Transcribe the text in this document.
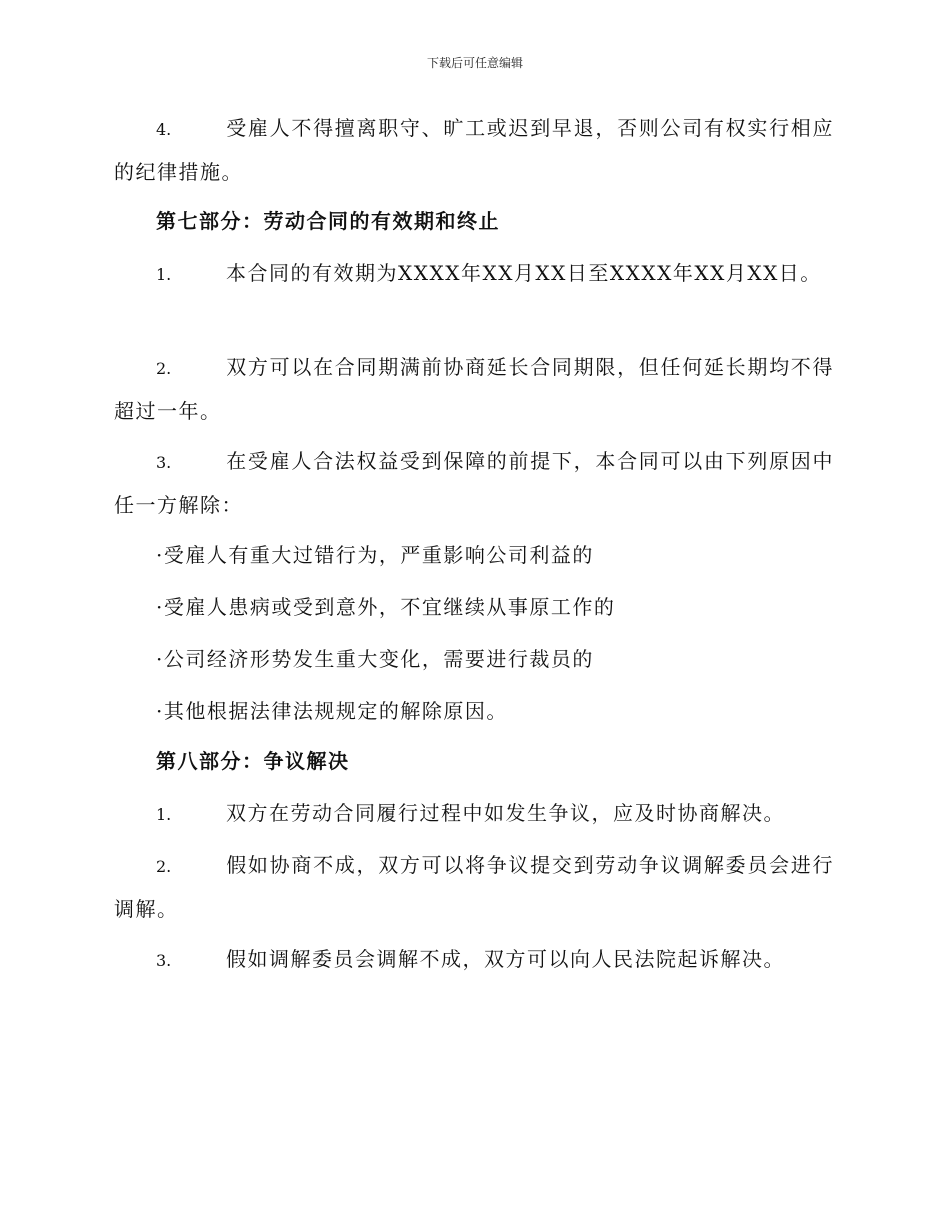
下载后可任意编辑
4.	受雇人不得擅离职守、旷工或迟到早退，否则公司有权实行相应的纪律措施。
第七部分：劳动合同的有效期和终止
1.	本合同的有效期为XXXX年XX月XX日至XXXX年XX月XX日。
2.	双方可以在合同期满前协商延长合同期限，但任何延长期均不得超过一年。
3.	在受雇人合法权益受到保障的前提下，本合同可以由下列原因中任一方解除：
·受雇人有重大过错行为，严重影响公司利益的
·受雇人患病或受到意外，不宜继续从事原工作的
·公司经济形势发生重大变化，需要进行裁员的
·其他根据法律法规规定的解除原因。
第八部分：争议解决
1.	双方在劳动合同履行过程中如发生争议，应及时协商解决。
2.	假如协商不成，双方可以将争议提交到劳动争议调解委员会进行调解。
3.	假如调解委员会调解不成，双方可以向人民法院起诉解决。
